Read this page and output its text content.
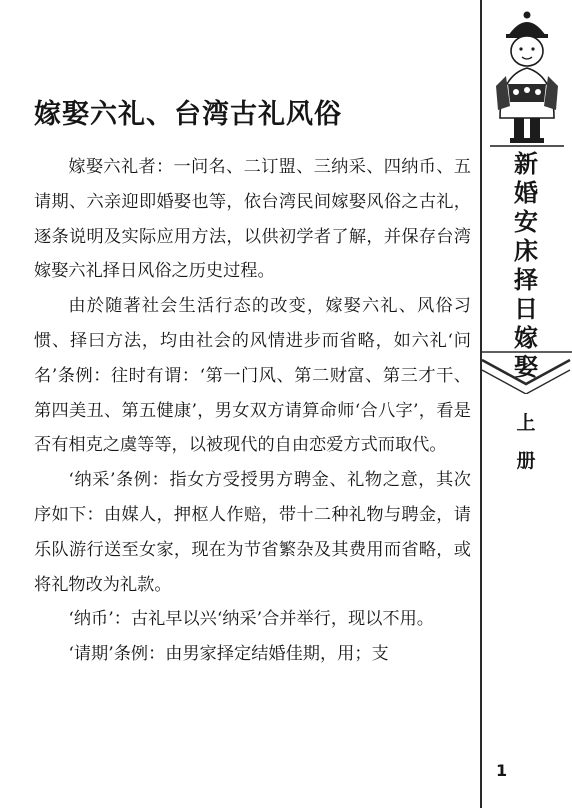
嫁娶六礼、台湾古礼风俗

嫁娶六礼者：一问名、二订盟、三纳采、四纳币、五请期、六亲迎即婚娶也等，依台湾民间嫁娶风俗之古礼，逐条说明及实际应用方法，以供初学者了解，并保存台湾嫁娶六礼择日风俗之历史过程。

由於随著社会生活行态的改变，嫁娶六礼、风俗习惯、择曰方法，均由社会的风情进步而省略，如六礼‘问名’条例：往时有谓：‘第一门风、第二财富、第三才干、第四美丑、第五健康’，男女双方请算命师‘合八字’，看是否有相克之虞等等，以被现代的自由恋爱方式而取代。

‘纳采’条例：指女方受授男方聘金、礼物之意，其次序如下：由媒人，押枢人作赔，带十二种礼物与聘金，请乐队游行送至女家，现在为节省繁杂及其费用而省略，或将礼物改为礼款。

‘纳币’：古礼早以兴‘纳采’合并举行，现以不用。

‘请期’条例：由男家择定结婚佳期，用；支

新
婚
安
床
择
日
嫁
娶
上
册
1
